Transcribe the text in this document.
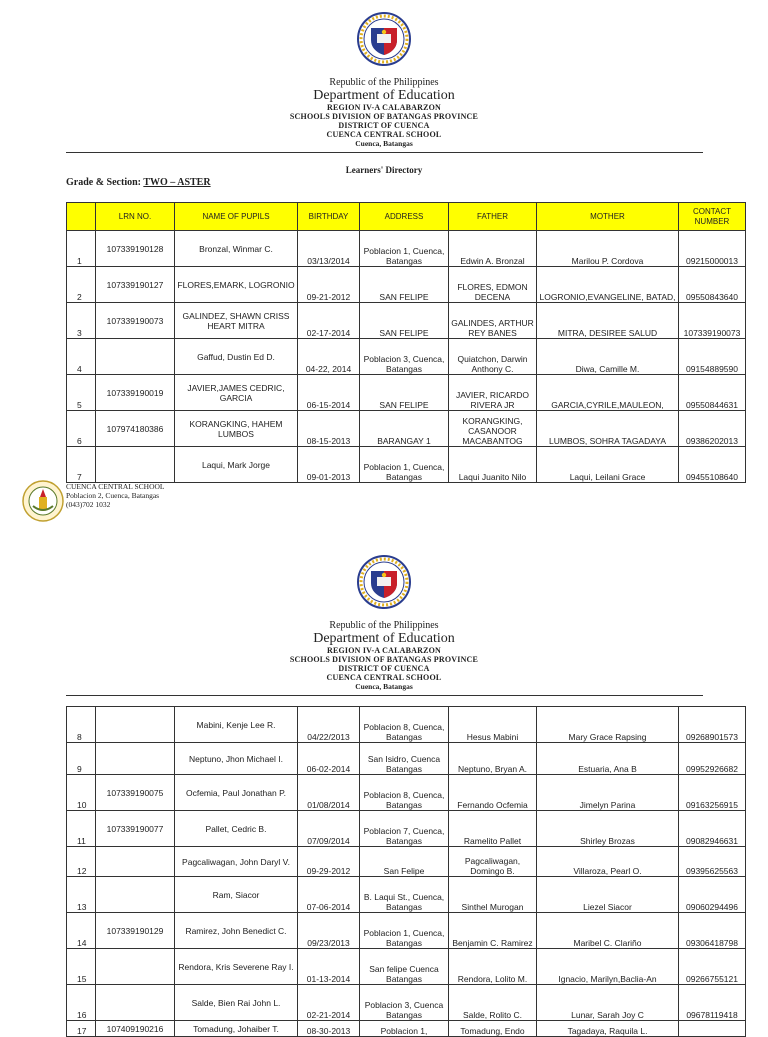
Republic of the Philippines
Department of Education
REGION IV-A CALABARZON
SCHOOLS DIVISION OF BATANGAS PROVINCE
DISTRICT OF CUENCA
CUENCA CENTRAL SCHOOL
Cuenca, Batangas
Learners' Directory
Grade & Section: TWO – ASTER
	LRN NO.	NAME OF PUPILS	BIRTHDAY	ADDRESS	FATHER	MOTHER	CONTACT NUMBER
1	107339190128	Bronzal, Winmar C.	03/13/2014	Poblacion 1, Cuenca, Batangas	Edwin A. Bronzal	Marilou P. Cordova	09215000013
2	107339190127	FLORES,EMARK, LOGRONIO	09-21-2012	SAN FELIPE	FLORES, EDMON DECENA	LOGRONIO,EVANGELINE, BATAD,	09550843640
3	107339190073	GALINDEZ, SHAWN CRISS HEART MITRA	02-17-2014	SAN FELIPE	GALINDES, ARTHUR REY BANES	MITRA, DESIREE SALUD	107339190073
4		Gaffud, Dustin Ed D.	04-22, 2014	Poblacion 3, Cuenca, Batangas	Quiatchon, Darwin Anthony C.	Diwa, Camille M.	09154889590
5	107339190019	JAVIER,JAMES CEDRIC, GARCIA	06-15-2014	SAN FELIPE	JAVIER, RICARDO RIVERA JR	GARCIA,CYRILE,MAULEON,	09550844631
6	107974180386	KORANGKING, HAHEM LUMBOS	08-15-2013	BARANGAY 1	KORANGKING, CASANOOR MACABANTOG	LUMBOS, SOHRA TAGADAYA	09386202013
7		Laqui, Mark Jorge	09-01-2013	Poblacion 1, Cuenca, Batangas	Laqui Juanito Nilo	Laqui, Leilani Grace	09455108640
CUENCA CENTRAL SCHOOL
Poblacion 2, Cuenca, Batangas
(043)702 1032
Republic of the Philippines
Department of Education
REGION IV-A CALABARZON
SCHOOLS DIVISION OF BATANGAS PROVINCE
DISTRICT OF CUENCA
CUENCA CENTRAL SCHOOL
Cuenca, Batangas
8		Mabini, Kenje Lee R.	04/22/2013	Poblacion 8, Cuenca, Batangas	Hesus Mabini	Mary Grace Rapsing	09268901573
9		Neptuno, Jhon Michael I.	06-02-2014	San Isidro, Cuenca Batangas	Neptuno, Bryan A.	Estuaria, Ana B	09952926682
10	107339190075	Ocfemia, Paul Jonathan P.	01/08/2014	Poblacion 8, Cuenca, Batangas	Fernando Ocfemia	Jimelyn Parina	09163256915
11	107339190077	Pallet, Cedric B.	07/09/2014	Poblacion 7, Cuenca, Batangas	Ramelito Pallet	Shirley Brozas	09082946631
12		Pagcaliwagan, John Daryl V.	09-29-2012	San Felipe	Pagcaliwagan, Domingo B.	Villaroza, Pearl O.	09395625563
13		Ram, Siacor	07-06-2014	B. Laqui St., Cuenca, Batangas	Sinthel Murogan	Liezel Siacor	09060294496
14	107339190129	Ramirez, John Benedict C.	09/23/2013	Poblacion 1, Cuenca, Batangas	Benjamin C. Ramirez	Maribel C. Clariño	09306418798
15		Rendora, Kris Severene Ray I.	01-13-2014	San felipe Cuenca Batangas	Rendora, Lolito M.	Ignacio, Marilyn,Baclia-An	09266755121
16		Salde, Bien Rai John L.	02-21-2014	Poblacion 3, Cuenca Batangas	Salde, Rolito C.	Lunar, Sarah Joy C	09678119418
17	107409190216	Tomadung, Johaiber T.	08-30-2013	Poblacion 1,	Tomadung, Endo	Tagadaya, Raquila L.	
